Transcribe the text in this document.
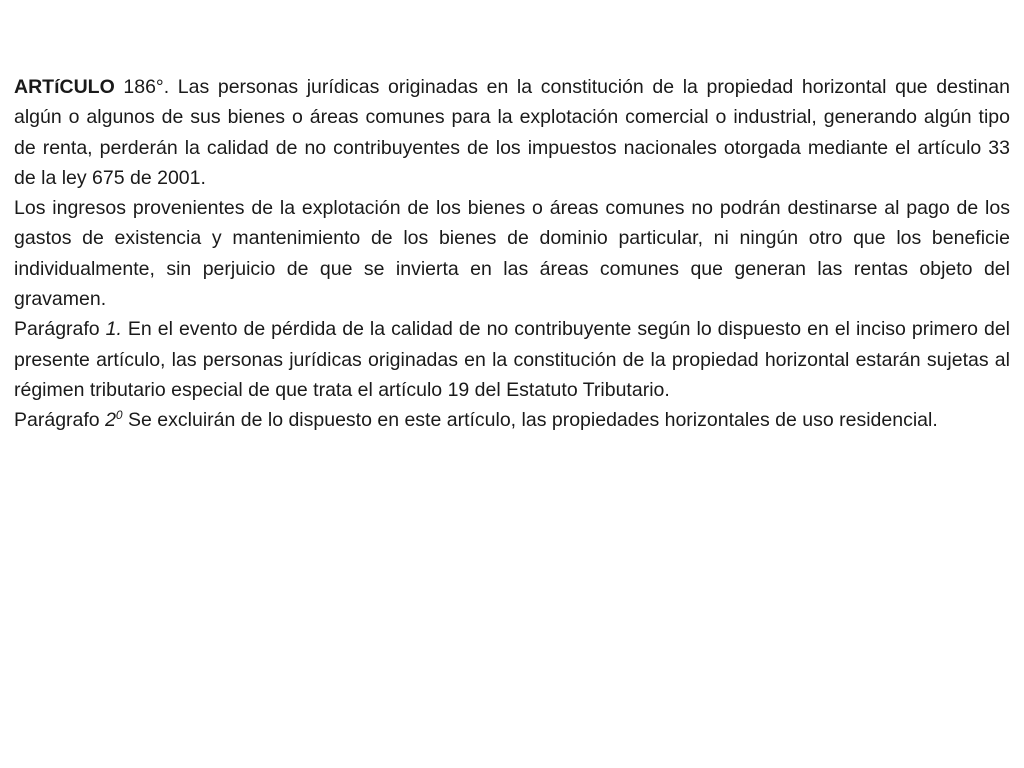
ARTíCULO 186°. Las personas jurídicas originadas en la constitución de la propiedad horizontal que destinan algún o algunos de sus bienes o áreas comunes para la explotación comercial o industrial, generando algún tipo de renta, perderán la calidad de no contribuyentes de los impuestos nacionales otorgada mediante el artículo 33 de la ley 675 de 2001.

Los ingresos provenientes de la explotación de los bienes o áreas comunes no podrán destinarse al pago de los gastos de existencia y mantenimiento de los bienes de dominio particular, ni ningún otro que los beneficie individualmente, sin perjuicio de que se invierta en las áreas comunes que generan las rentas objeto del gravamen.

Parágrafo 1. En el evento de pérdida de la calidad de no contribuyente según lo dispuesto en el inciso primero del presente artículo, las personas jurídicas originadas en la constitución de la propiedad horizontal estarán sujetas al régimen tributario especial de que trata el artículo 19 del Estatuto Tributario.

Parágrafo $2^0$ Se excluirán de lo dispuesto en este artículo, las propiedades horizontales de uso residencial.
